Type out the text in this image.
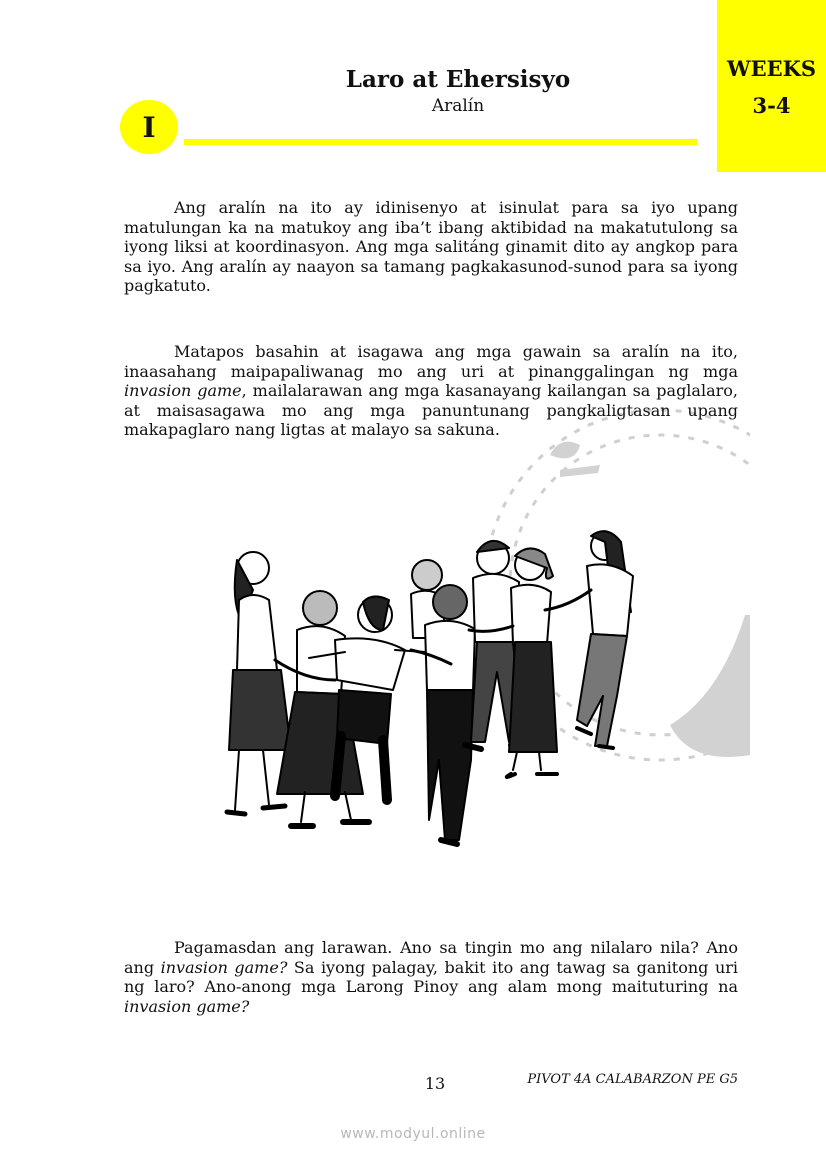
WEEKS
3-4
Laro at Ehersisyo
Aralín
I

Ang aralín na ito ay idinisenyo at isinulat para sa iyo upang matulungan ka na matukoy ang iba’t ibang aktibidad na makatutulong sa iyong liksi at koordinasyon. Ang mga salitáng ginamit dito ay angkop para sa iyo. Ang aralín ay naayon sa tamang pagkakasunod-sunod para sa iyong pagkatuto.

Matapos basahin at isagawa ang mga gawain sa aralín na ito, inaasahang maipapaliwanag mo ang uri at pinanggalingan ng mga invasion game, mailalarawan ang mga kasanayang kailangan sa paglalaro, at maisasagawa mo ang mga panuntunang pangkaligtasan upang makapaglaro nang ligtas at malayo sa sakuna.

Pagamasdan ang larawan. Ano sa tingin mo ang nilalaro nila? Ano ang invasion game? Sa iyong palagay, bakit ito ang tawag sa ganitong uri ng laro? Ano-anong mga Larong Pinoy ang alam mong maituturing na invasion game?

13	PIVOT 4A CALABARZON PE G5
www.modyul.online
